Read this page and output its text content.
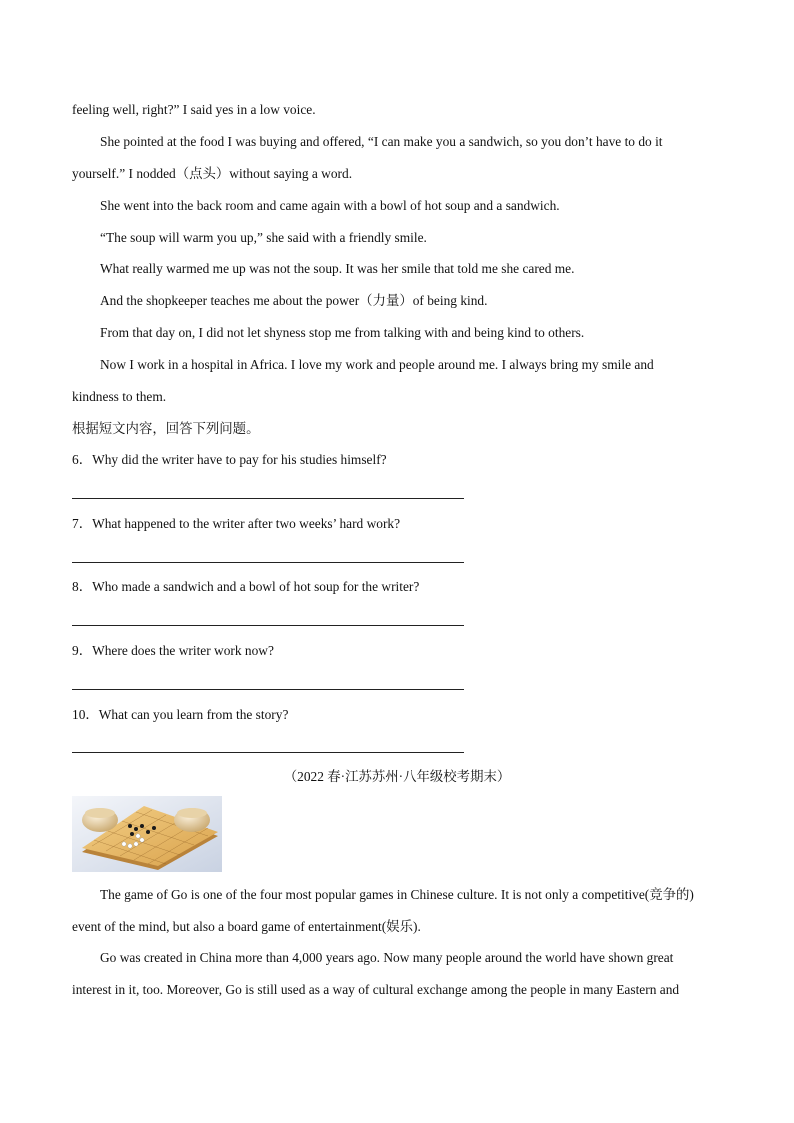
feeling well, right?” I said yes in a low voice.
She pointed at the food I was buying and offered, “I can make you a sandwich, so you don’t have to do it
yourself.” I nodded（点头）without saying a word.
She went into the back room and came again with a bowl of hot soup and a sandwich.
“The soup will warm you up,” she said with a friendly smile.
What really warmed me up was not the soup. It was her smile that told me she cared me.
And the shopkeeper teaches me about the power（力量）of being kind.
From that day on, I did not let shyness stop me from talking with and being kind to others.
Now I work in a hospital in Africa. I love my work and people around me. I always bring my smile and
kindness to them.
根据短文内容，回答下列问题。
6．Why did the writer have to pay for his studies himself?
7．What happened to the writer after two weeks’ hard work?
8．Who made a sandwich and a bowl of hot soup for the writer?
9．Where does the writer work now?
10．What can you learn from the story?
（2022 春·江苏苏州·八年级校考期末）
The game of Go is one of the four most popular games in Chinese culture. It is not only a competitive(竞争的)
event of the mind, but also a board game of entertainment(娱乐).
Go was created in China more than 4,000 years ago. Now many people around the world have shown great
interest in it, too. Moreover, Go is still used as a way of cultural exchange among the people in many Eastern and
